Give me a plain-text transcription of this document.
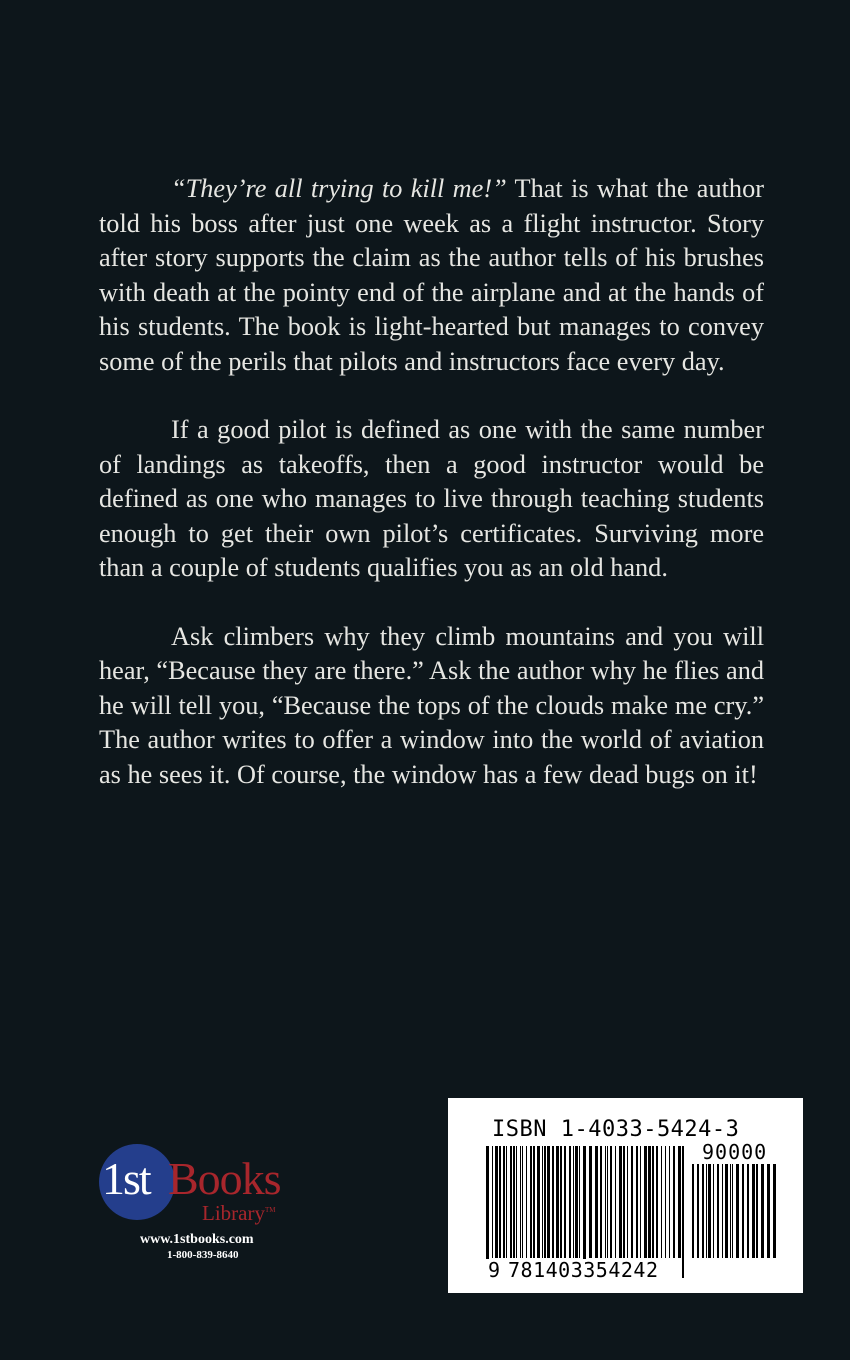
“They’re all trying to kill me!” That is what the author told his boss after just one week as a flight instructor. Story after story supports the claim as the author tells of his brushes with death at the pointy end of the airplane and at the hands of his students. The book is light-hearted but manages to convey some of the perils that pilots and instructors face every day.

If a good pilot is defined as one with the same number of landings as takeoffs, then a good instructor would be defined as one who manages to live through teaching students enough to get their own pilot’s certificates. Surviving more than a couple of students qualifies you as an old hand.

Ask climbers why they climb mountains and you will hear, “Because they are there.” Ask the author why he flies and he will tell you, “Because the tops of the clouds make me cry.” The author writes to offer a window into the world of aviation as he sees it. Of course, the window has a few dead bugs on it!

1st Books
Library™
www.1stbooks.com
1-800-839-8640
ISBN 1-4033-5424-3
90000
9 781403354242
